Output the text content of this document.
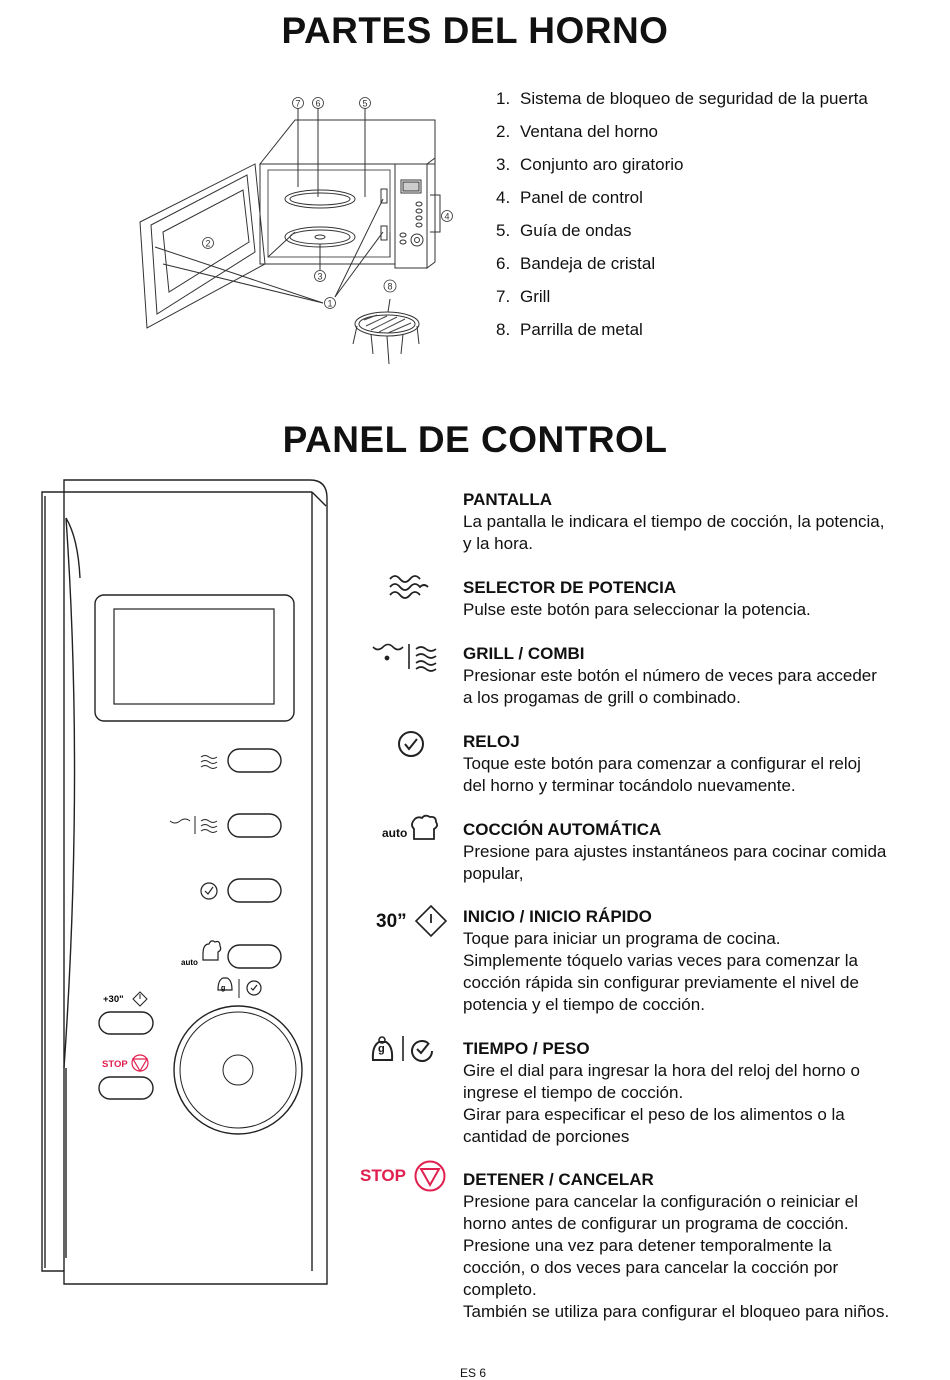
PARTES DEL HORNO
7 6	5
4
3
2
1
8
1. Sistema de bloqueo de seguridad de la puerta
2. Ventana del horno
3. Conjunto aro giratorio
4. Panel de control
5. Guía de ondas
6. Bandeja de cristal
7. Grill
8. Parrilla de metal
PANEL DE CONTROL
auto
+30"
STOP
g
auto
30”
g
STOP
PANTALLA
La pantalla le indicara el tiempo de cocción, la potencia,
y la hora.
SELECTOR DE POTENCIA
Pulse este botón para seleccionar la potencia.
GRILL / COMBI
Presionar este botón el número de veces para acceder
a los progamas de grill o combinado.
RELOJ
Toque este botón para comenzar a configurar el reloj
del horno y terminar tocándolo nuevamente.
COCCIÓN AUTOMÁTICA
Presione para ajustes instantáneos para cocinar comida
popular,
INICIO / INICIO RÁPIDO
Toque para iniciar un programa de cocina.
Simplemente tóquelo varias veces para comenzar la
cocción rápida sin configurar previamente el nivel de
potencia y el tiempo de cocción.
TIEMPO / PESO
Gire el dial para ingresar la hora del reloj del horno o
ingrese el tiempo de cocción.
Girar para especificar el peso de los alimentos o la
cantidad de porciones
DETENER / CANCELAR
Presione para cancelar la configuración o reiniciar el
horno antes de configurar un programa de cocción.
Presione una vez para detener temporalmente la
cocción, o dos veces para cancelar la cocción por
completo.
También se utiliza para configurar el bloqueo para niños.
ES 6
